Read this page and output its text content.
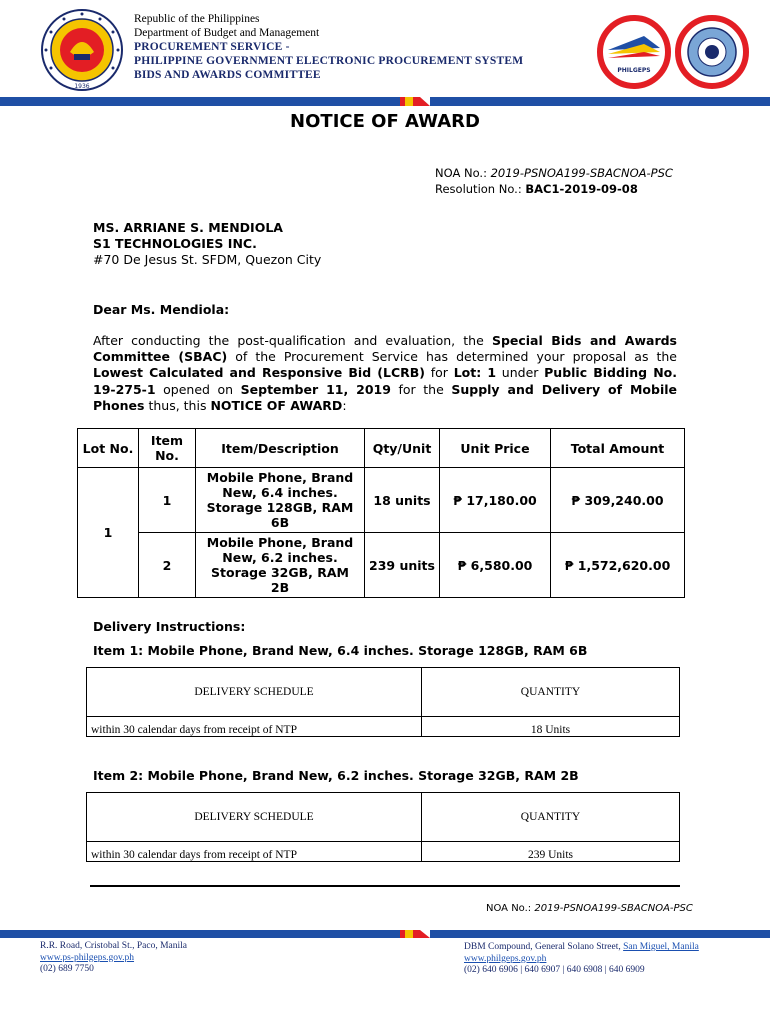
1936
Republic of the Philippines
Department of Budget and Management
PROCUREMENT SERVICE -
PHILIPPINE GOVERNMENT ELECTRONIC PROCUREMENT SYSTEM
BIDS AND AWARDS COMMITTEE	PHILGEPS
NOTICE OF AWARD
NOA No.: 2019-PSNOA199-SBACNOA-PSC
Resolution No.: BAC1-2019-09-08
MS. ARRIANE S. MENDIOLA
S1 TECHNOLOGIES INC.
#70 De Jesus St. SFDM, Quezon City
Dear Ms. Mendiola:
After conducting the post-qualification and evaluation, the Special Bids and Awards Committee (SBAC) of the Procurement Service has determined your proposal as the Lowest Calculated and Responsive Bid (LCRB) for Lot: 1 under Public Bidding No. 19-275-1 opened on September 11, 2019 for the Supply and Delivery of Mobile Phones thus, this NOTICE OF AWARD:
Lot No.	Item No.	Item/Description	Qty/Unit	Unit Price	Total Amount
1	1	Mobile Phone, Brand New, 6.4 inches. Storage 128GB, RAM 6B	18 units	₱ 17,180.00	₱ 309,240.00
	2	Mobile Phone, Brand New, 6.2 inches. Storage 32GB, RAM 2B	239 units	₱ 6,580.00	₱ 1,572,620.00
Delivery Instructions:
Item 1: Mobile Phone, Brand New, 6.4 inches. Storage 128GB, RAM 6B
DELIVERY SCHEDULE	QUANTITY
within 30 calendar days from receipt of NTP	18 Units
Item 2: Mobile Phone, Brand New, 6.2 inches. Storage 32GB, RAM 2B
DELIVERY SCHEDULE	QUANTITY
within 30 calendar days from receipt of NTP	239 Units
NOA No.: 2019-PSNOA199-SBACNOA-PSC
R.R. Road, Cristobal St., Paco, Manila
www.ps-philgeps.gov.ph
(02) 689 7750
DBM Compound, General Solano Street, San Miguel, Manila
www.philgeps.gov.ph
(02) 640 6906 | 640 6907 | 640 6908 | 640 6909
